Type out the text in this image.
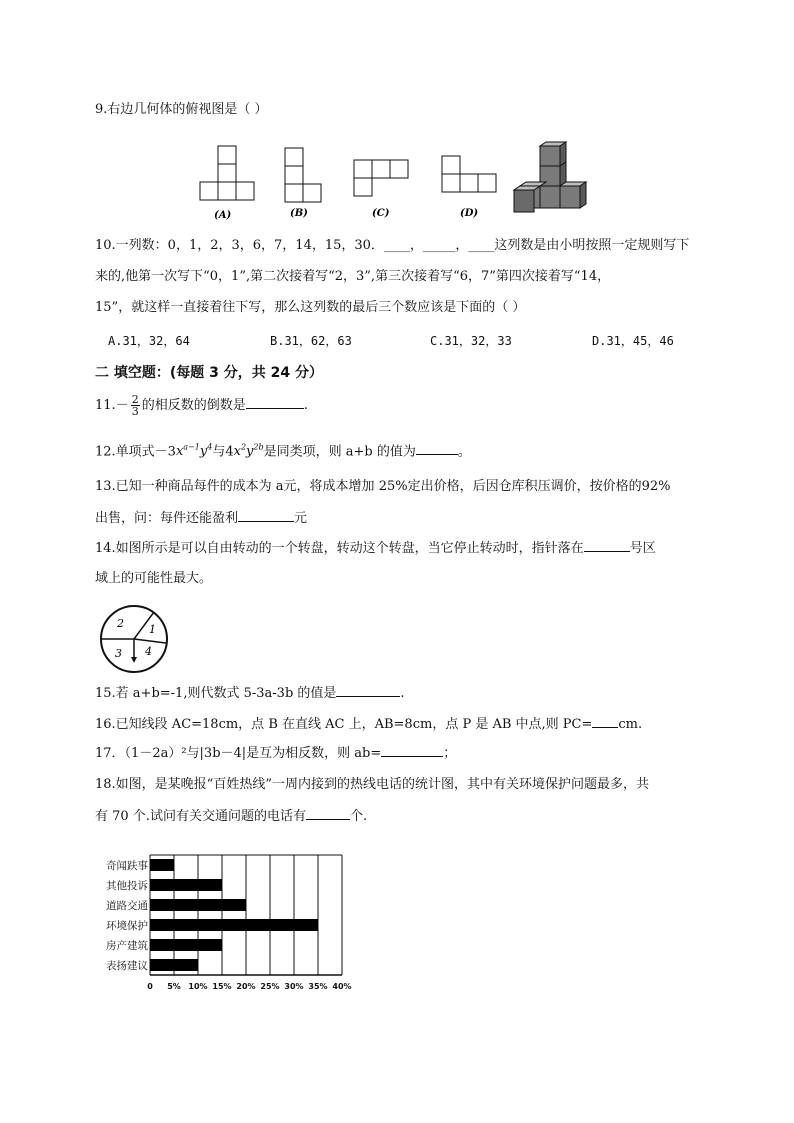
9.右边几何体的俯视图是（ ）
(A)	(B)	(C)	(D)
10.一列数：0，1，2，3，6，7，14，15，30．____，_____，____这列数是由小明按照一定规则写下
来的,他第一次写下“0，1”,第二次接着写“2，3”,第三次接着写“6，7”第四次接着写“14，
15”，就这样一直接着往下写，那么这列数的最后三个数应该是下面的（ ）
A.31，32，64	B.31，62，63	C.31，32，33	D.31，45，46
二 填空题：(每题 3 分，共 24 分）
$11.- \frac{2}{3}$ 的相反数的倒数是	.
12.单项式$-3x^{a-1}y^4$与$4x^2y^{2b}$是同类项，则 a+b 的值为	。
13.已知一种商品每件的成本为 a元，将成本增加 25%定出价格，后因仓库积压调价，按价格的92%
出售，问：每件还能盈利	元
14.如图所示是可以自由转动的一个转盘，转动这个转盘，当它停止转动时，指针落在	号区
域上的可能性最大。
2 1
3 4
15.若 a+b=-1,则代数式 5-3a-3b 的值是	.
16.已知线段 AC=18cm，点 B 在直线 AC 上，AB=8cm，点 P 是 AB 中点,则 PC= cm.
17．（1－2a）²与|3b－4|是互为相反数，则 ab=	；
18.如图，是某晚报“百姓热线”一周内接到的热线电话的统计图，其中有关环境保护问题最多，共
有 70 个.试问有关交通问题的电话有	个.
奇闻趺事
其他投诉
道路交通
环境保护
房产建筑
表扬建议
0 5% 10% 15% 20% 25% 30% 35% 40%
